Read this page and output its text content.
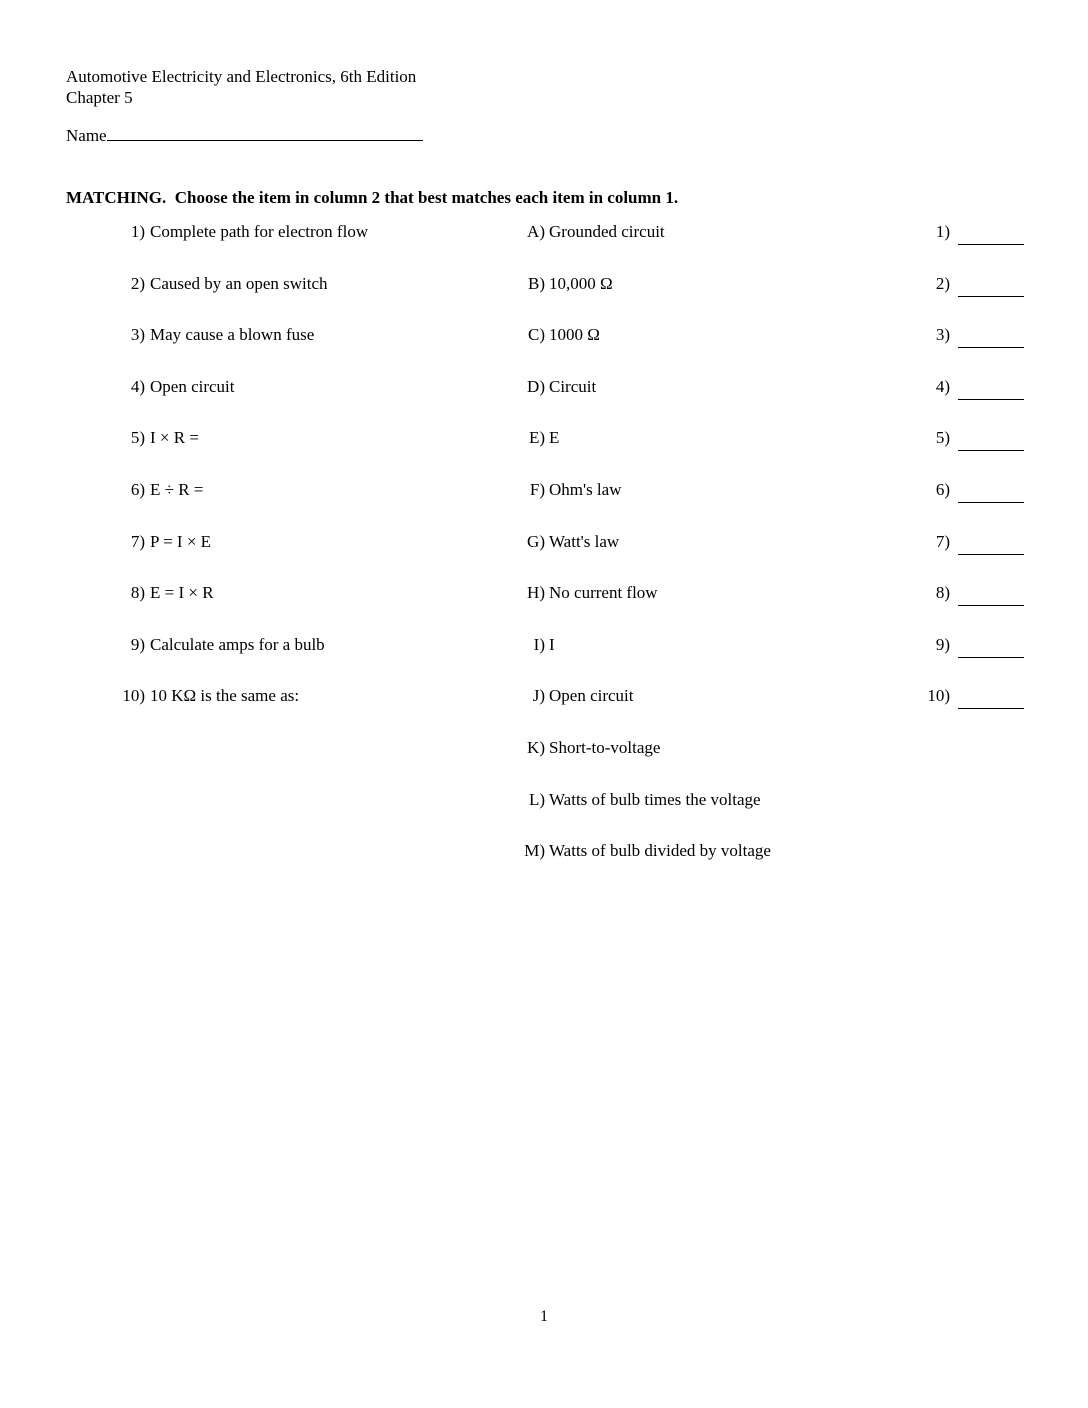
Automotive Electricity and Electronics, 6th Edition
Chapter 5
Name
MATCHING.  Choose the item in column 2 that best matches each item in column 1.
1) Complete path for electron flow	A) Grounded circuit	1)
2) Caused by an open switch	B) 10,000 Ω	2)
3) May cause a blown fuse	C) 1000 Ω	3)
4) Open circuit	D) Circuit	4)
5) I × R =	E) E	5)
6) E ÷ R =	F) Ohm's law	6)
7) P = I × E	G) Watt's law	7)
8) E = I × R	H) No current flow	8)
9) Calculate amps for a bulb	I) I	9)
10) 10 KΩ is the same as:	J) Open circuit	10)
K) Short-to-voltage
L) Watts of bulb times the voltage
M) Watts of bulb divided by voltage
1
